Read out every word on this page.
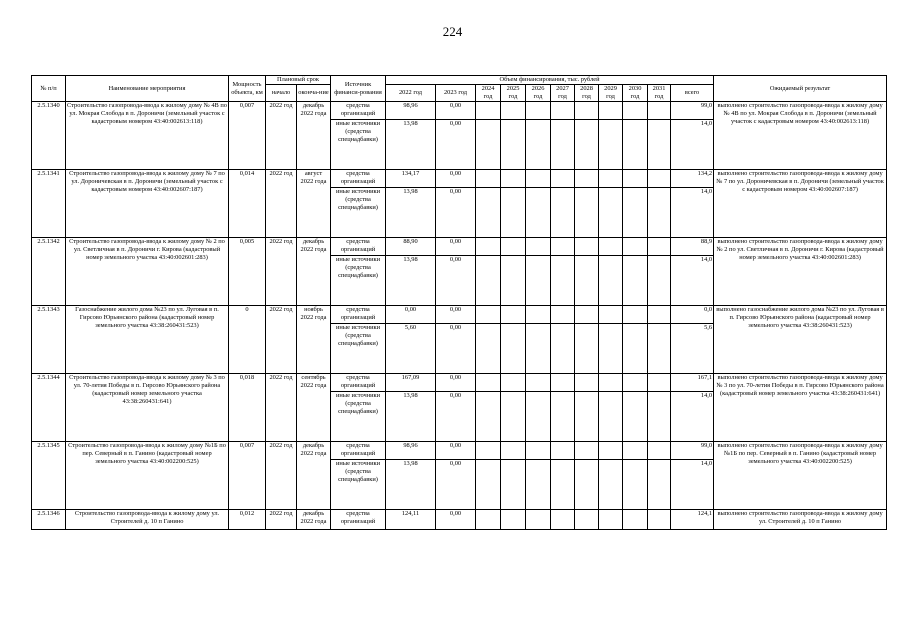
224
№ п/п	Наименование мероприятия	Мощность объекта, км	Плановый срок		Источник финанси-рования	Объем финансирования, тыс. рублей											Ожидаемый результат
			начало	оконча-ние		2022 год	2023 год	2024 год	2025 год	2026 год	2027 год	2028 год	2029 год	2030 год	2031 год	всего	
2.5.1340	Строительство газопровода-ввода к жилому дому № 4В по ул. Мокрая Слобода в п. Дороничи (земельный участок с кадастровым номером 43:40:002613:118)	0,007	2022 год	декабрь 2022 года	средства организаций	98,96	0,00									99,0	выполнено строительство газопровода-ввода к жилому дому № 4В по ул. Мокрая Слобода в п. Дороничи (земельный участок с кадастровым номером 43:40:002613:118)
					иные источники (средства спецнадбавки)	13,98	0,00									14,0	
2.5.1341	Строительство газопровода-ввода к жилому дому № 7 по ул. Дороничевская в п. Дороничи (земельный участок с кадастровым номером 43:40:002607:187)	0,014	2022 год	август 2022 года	средства организаций	134,17	0,00									134,2	выполнено строительство газопровода-ввода к жилому дому № 7 по ул. Дороничевская в п. Дороничи (земельный участок с кадастровым номером 43:40:002607:187)
					иные источники (средства спецнадбавки)	13,98	0,00									14,0	
2.5.1342	Строительство газопровода-ввода к жилому дому № 2 по ул. Светличная в п. Дороничи г. Кирова (кадастровый номер земельного участка 43:40:002601:283)	0,005	2022 год	декабрь 2022 года	средства организаций	88,90	0,00									88,9	выполнено строительство газопровода-ввода к жилому дому № 2 по ул. Светличная в п. Дороничи г. Кирова (кадастровый номер земельного участка 43:40:002601:283)
					иные источники (средства спецнадбавки)	13,98	0,00									14,0	
2.5.1343	Газоснабжение жилого дома №23 по ул. Луговая в п. Гирсово Юрьянского района (кадастровый номер земельного участка 43:38:260431:523)	0	2022 год	ноябрь 2022 года	средства организаций	0,00	0,00									0,0	выполнено газоснабжение жилого дома №23 по ул. Луговая в п. Гирсово Юрьянского района (кадастровый номер земельного участка 43:38:260431:523)
					иные источники (средства спецнадбавки)	5,60	0,00									5,6	
2.5.1344	Строительство газопровода-ввода к жилому дому № 3 по ул. 70-летия Победы в п. Гирсово Юрьянского района (кадастровый номер земельного участка 43:38:260431:641)	0,018	2022 год	сентябрь 2022 года	средства организаций	167,09	0,00									167,1	выполнено строительство газопровода-ввода к жилому дому № 3 по ул. 70-летия Победы в п. Гирсово Юрьянского района (кадастровый номер земельного участка 43:38:260431:641)
					иные источники (средства спецнадбавки)	13,98	0,00									14,0	
2.5.1345	Строительство газопровода-ввода к жилому дому №1Б по пер. Северный в п. Ганино (кадастровый номер земельного участка 43:40:002200:525)	0,007	2022 год	декабрь 2022 года	средства организаций	98,96	0,00									99,0	выполнено строительство газопровода-ввода к жилому дому №1Б по пер. Северный в п. Ганино (кадастровый номер земельного участка 43:40:002200:525)
					иные источники (средства спецнадбавки)	13,98	0,00									14,0	
2.5.1346	Строительство газопровода-ввода к жилому дому ул. Строителей д. 10 п Ганино	0,012	2022 год	декабрь 2022 года	средства организаций	124,11	0,00									124,1	выполнено строительство газопровода-ввода к жилому дому ул. Строителей д. 10 п Ганино
